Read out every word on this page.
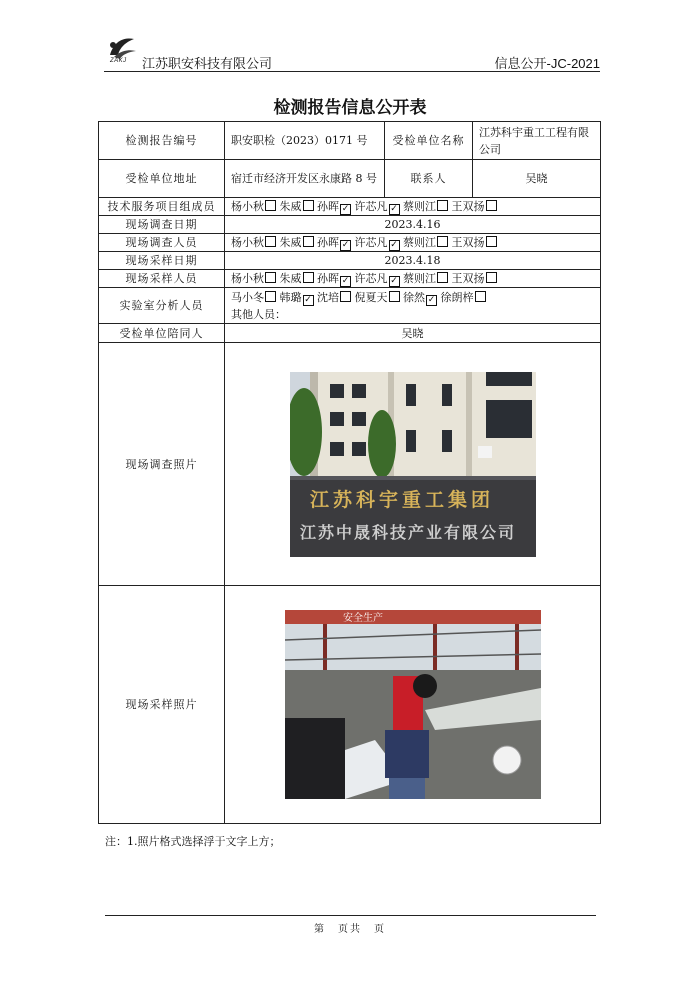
ZAKJ 江苏职安科技有限公司	信息公开-JC-2021
检测报告信息公开表
检测报告编号	职安职检（2023）0171 号	受检单位名称	江苏科宇重工工程有限公司
受检单位地址	宿迁市经济开发区永康路 8 号	联系人	吴晓
技术服务项目组成员	杨小秋 朱威 孙晖 ✓ 许芯凡 ✓ 蔡则江 王双扬		
现场调查日期	2023.4.16		
现场调查人员	杨小秋 朱威 孙晖 ✓ 许芯凡 ✓ 蔡则江 王双扬		
现场采样日期	2023.4.18		
现场采样人员	杨小秋 朱威 孙晖 ✓ 许芯凡 ✓ 蔡则江 王双扬		
实验室分析人员	马小冬 韩璐 ✓ 沈培 倪夏天 徐然 ✓ 徐朗梓
其他人员：		

受检单位陪同人	吴晓		
现场调查照片	江苏科宇重工集团
江苏中晟科技产业有限公司		

现场采样照片	安全生产		
注：1.照片格式选择浮于文字上方；
第　页共　页
